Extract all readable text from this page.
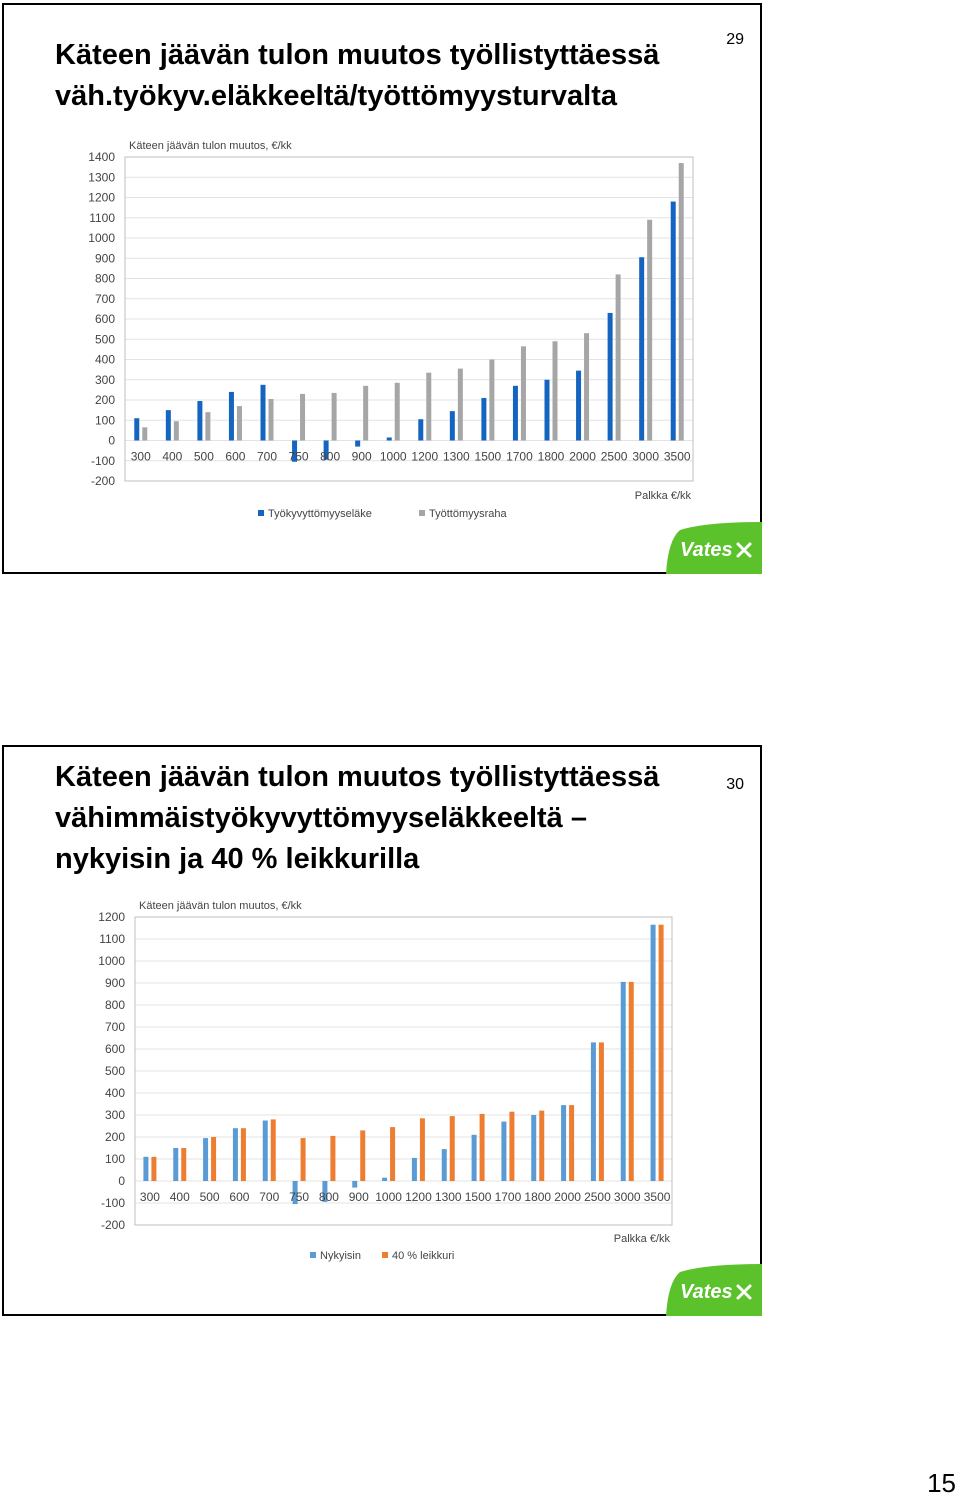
Käteen jäävän tulon muutos työllistyttäessä väh.työkyv.eläkkeeltä/työttömyysturvalta
29
Käteen jäävän tulon muutos, €/kk
-200
-100
0
100
200
300
400
500
600
700
800
900
1000
1100
1200
1300
1400
300 400 500 600 700 750 800 900 1000 1200 1300 1500 1700 1800 2000 2500 3000 3500
Palkka €/kk
Työkyvyttömyyseläke	Työttömyysraha
Vates
Käteen jäävän tulon muutos työllistyttäessä vähimmäistyökyvyttömyyseläkkeeltä – nykyisin ja 40 % leikkurilla
30
Käteen jäävän tulon muutos, €/kk
-200
-100
0
100
200
300
400
500
600
700
800
900
1000
1100
1200
300 400 500 600 700 750 800 900 1000 1200 1300 1500 1700 1800 2000 2500 3000 3500
Palkka €/kk
Nykyisin	40 % leikkuri
Vates
15
